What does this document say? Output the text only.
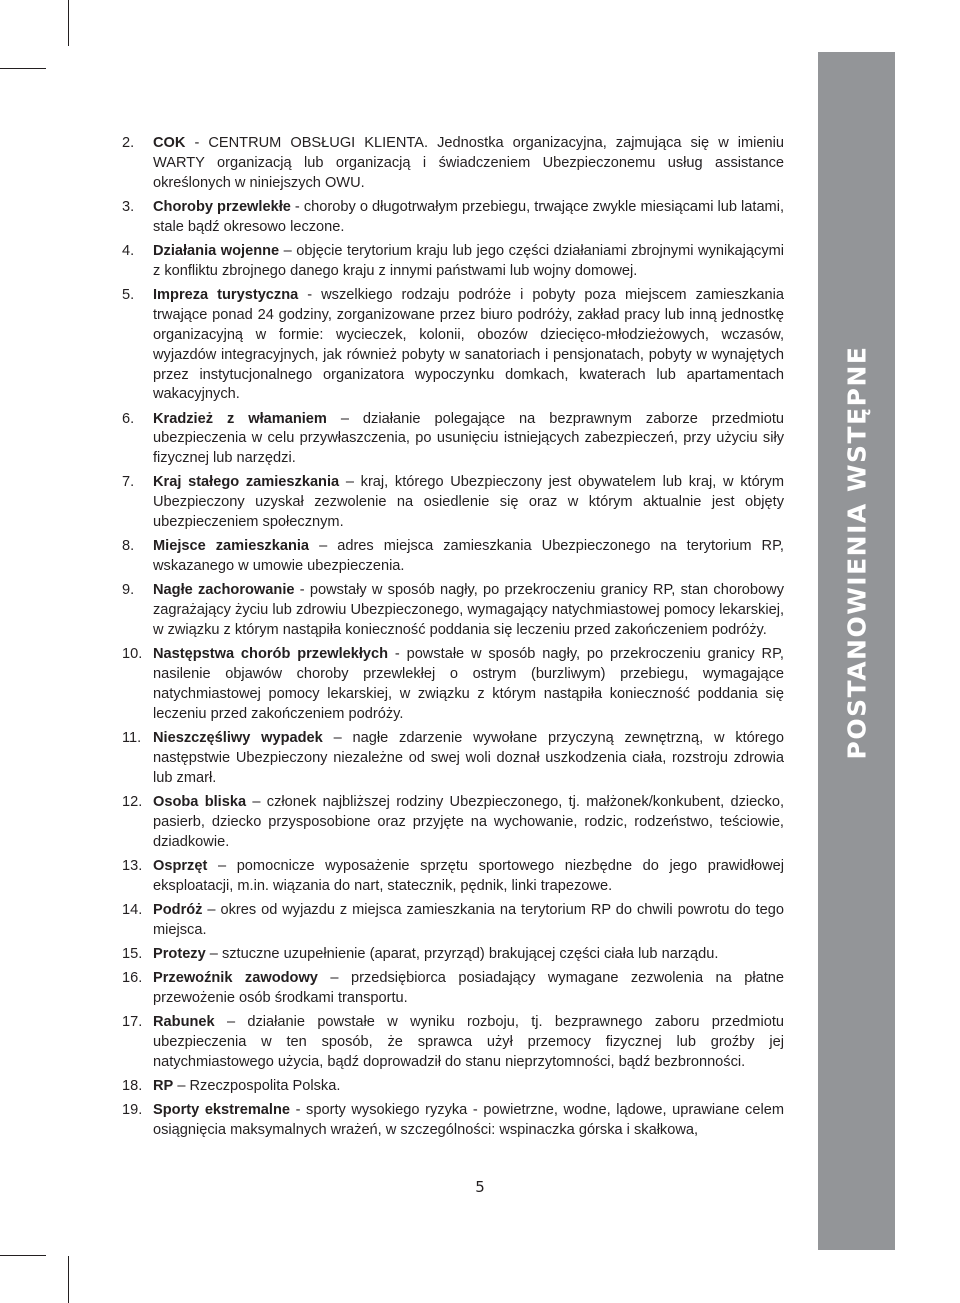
POSTANOWIENIA WSTĘPNE
2.	COK - CENTRUM OBSŁUGI KLIENTA. Jednostka organizacyjna, zajmująca się w imieniu WARTY organizacją lub organizacją i świadczeniem Ubezpieczonemu usług assistance określonych w niniejszych OWU.
3.	Choroby przewlekłe - choroby o długotrwałym przebiegu, trwające zwykle miesiącami lub latami, stale bądź okresowo leczone.
4.	Działania wojenne – objęcie terytorium kraju lub jego części działaniami zbrojnymi wynikającymi z konfliktu zbrojnego danego kraju z innymi państwami lub wojny domowej.
5.	Impreza turystyczna - wszelkiego rodzaju podróże i pobyty poza miejscem zamieszkania trwające ponad 24 godziny, zorganizowane przez biuro podróży, zakład pracy lub inną jednostkę organizacyjną w formie: wycieczek, kolonii, obozów dziecięco-młodzieżowych, wczasów, wyjazdów integracyjnych, jak również pobyty w sanatoriach i pensjonatach, pobyty w wynajętych przez instytucjonalnego organizatora wypoczynku domkach, kwaterach lub apartamentach wakacyjnych.
6.	Kradzież z włamaniem – działanie polegające na bezprawnym zaborze przedmiotu ubezpieczenia w celu przywłaszczenia, po usunięciu istniejących zabezpieczeń, przy użyciu siły fizycznej lub narzędzi.
7.	Kraj stałego zamieszkania – kraj, którego Ubezpieczony jest obywatelem lub kraj, w którym Ubezpieczony uzyskał zezwolenie na osiedlenie się oraz w którym aktualnie jest objęty ubezpieczeniem społecznym.
8.	Miejsce zamieszkania – adres miejsca zamieszkania Ubezpieczonego na terytorium RP, wskazanego w umowie ubezpieczenia.
9.	Nagłe zachorowanie - powstały w sposób nagły, po przekroczeniu granicy RP, stan chorobowy zagrażający życiu lub zdrowiu Ubezpieczonego, wymagający natychmiastowej pomocy lekarskiej, w związku z którym nastąpiła konieczność poddania się leczeniu przed zakończeniem podróży.
10. Następstwa chorób przewlekłych - powstałe w sposób nagły, po przekroczeniu granicy RP, nasilenie objawów choroby przewlekłej o ostrym (burzliwym) przebiegu, wymagające natychmiastowej pomocy lekarskiej, w związku z którym nastąpiła konieczność poddania się leczeniu przed zakończeniem podróży.
11. Nieszczęśliwy wypadek – nagłe zdarzenie wywołane przyczyną zewnętrzną, w którego następstwie Ubezpieczony niezależne od swej woli doznał uszkodzenia ciała, rozstroju zdrowia lub zmarł.
12. Osoba bliska – członek najbliższej rodziny Ubezpieczonego, tj. małżonek/konkubent, dziecko, pasierb, dziecko przysposobione oraz przyjęte na wychowanie, rodzic, rodzeństwo, teściowie, dziadkowie.
13. Osprzęt – pomocnicze wyposażenie sprzętu sportowego niezbędne do jego prawidłowej eksploatacji, m.in. wiązania do nart, statecznik, pędnik, linki trapezowe.
14. Podróż – okres od wyjazdu z miejsca zamieszkania na terytorium RP do chwili powrotu do tego miejsca.
15. Protezy – sztuczne uzupełnienie (aparat, przyrząd) brakującej części ciała lub narządu.
16. Przewoźnik zawodowy – przedsiębiorca posiadający wymagane zezwolenia na płatne przewożenie osób środkami transportu.
17. Rabunek – działanie powstałe w wyniku rozboju, tj. bezprawnego zaboru przedmiotu ubezpieczenia w ten sposób, że sprawca użył przemocy fizycznej lub groźby jej natychmiastowego użycia, bądź doprowadził do stanu nieprzytomności, bądź bezbronności.
18. RP – Rzeczpospolita Polska.
19. Sporty ekstremalne - sporty wysokiego ryzyka - powietrzne, wodne, lądowe, uprawiane celem osiągnięcia maksymalnych wrażeń, w szczególności: wspinaczka górska i skałkowa,
5
